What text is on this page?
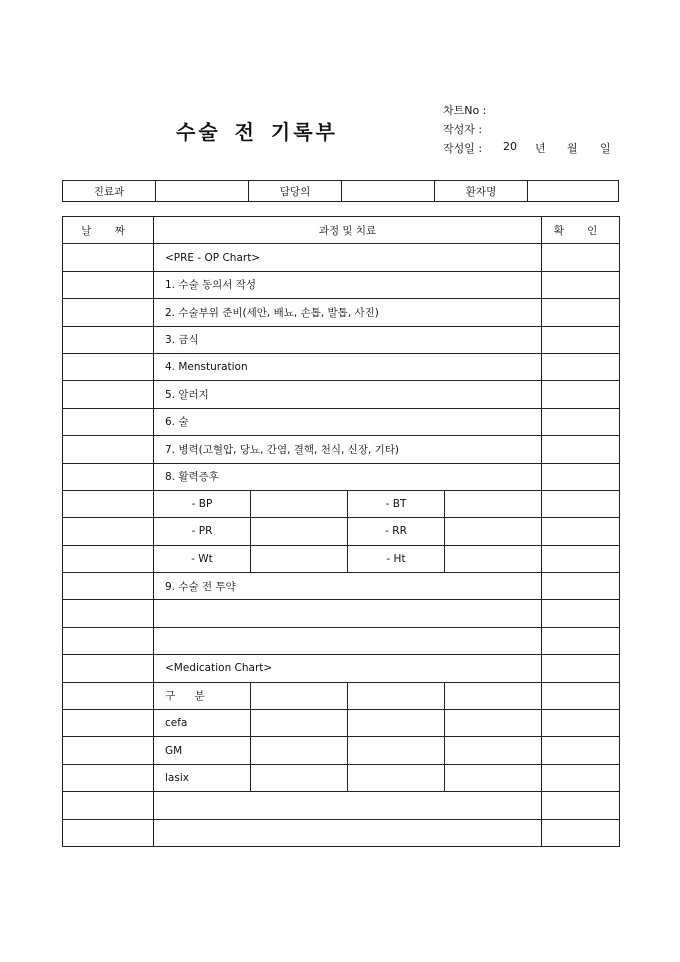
수술 전 기록부
차트No :
작성자 :
작성일 : 20 년 월 일
진료과		담당의		환자명	
날 짜	과정 및 치료				확 인
	<PRE - OP Chart>				
	1. 수술 동의서 작성				
	2. 수술부위 준비(세안, 배뇨, 손톱, 발톱, 사진)				
	3. 금식				
	4. Mensturation				
	5. 알러지				
	6. 술				
	7. 병력(고혈압, 당뇨, 간염, 결핵, 천식, 신장, 기타)				
	8. 활력증후				
	- BP		- BT		
	- PR		- RR		
	- Wt		- Ht		
	9. 수술 전 투약				

	<Medication Chart>				
	구 분				
	cefa				
	GM				
	lasix				
